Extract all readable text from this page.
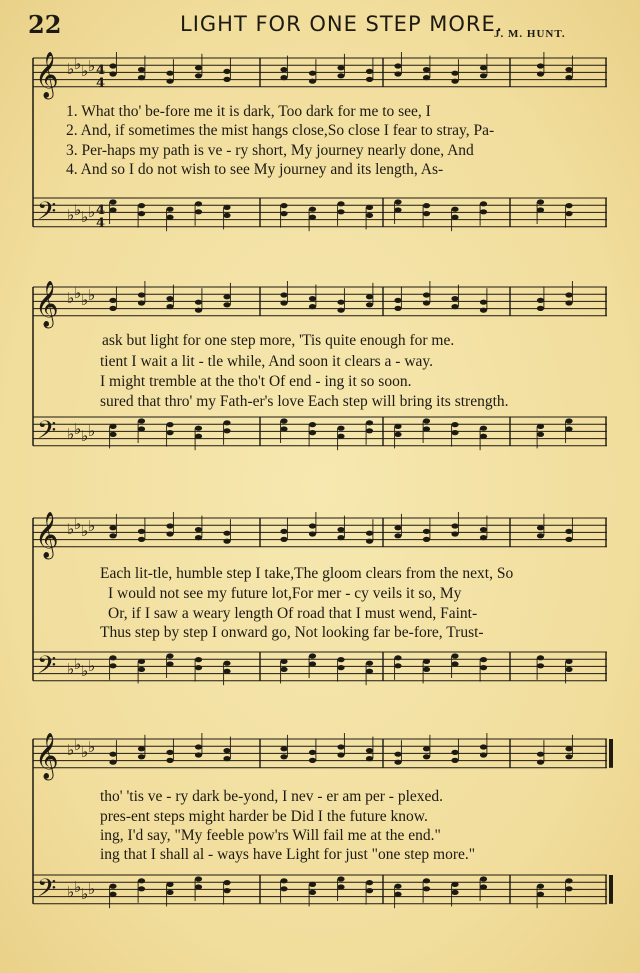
22	LIGHT FOR ONE STEP MORE.
J. M. HUNT.
𝄞
𝄢
♭
♭
♭
♭
♭
♭
♭
♭
𝄞
𝄢
♭
♭
♭
♭
♭
♭
♭
♭
𝄞
𝄢
♭
♭
♭
♭
♭
♭
♭
♭
𝄞
𝄢
♭
♭
♭
♭
♭
♭
♭
♭
4
4
4
4
1. What tho' be-fore me it is dark, Too dark for me to see, I
2. And, if sometimes the mist hangs close,So close I fear to stray, Pa-
3. Per-haps my path is ve - ry short, My journey nearly done, And
4. And so I do not wish to see My journey and its length, As-
ask but light for one step more, 'Tis quite enough for me.
tient I wait a lit - tle while, And soon it clears a - way.
I might tremble at the tho't Of end - ing it so soon.
sured that thro' my Fath-er's love Each step will bring its strength.
Each lit-tle, humble step I take,The gloom clears from the next, So
I would not see my future lot,For mer - cy veils it so, My
Or, if I saw a weary length Of road that I must wend, Faint-
Thus step by step I onward go, Not looking far be-fore, Trust-
tho' 'tis ve - ry dark be-yond, I nev - er am per - plexed.
pres-ent steps might harder be Did I the future know.
ing, I'd say, "My feeble pow'rs Will fail me at the end."
ing that I shall al - ways have Light for just "one step more."
